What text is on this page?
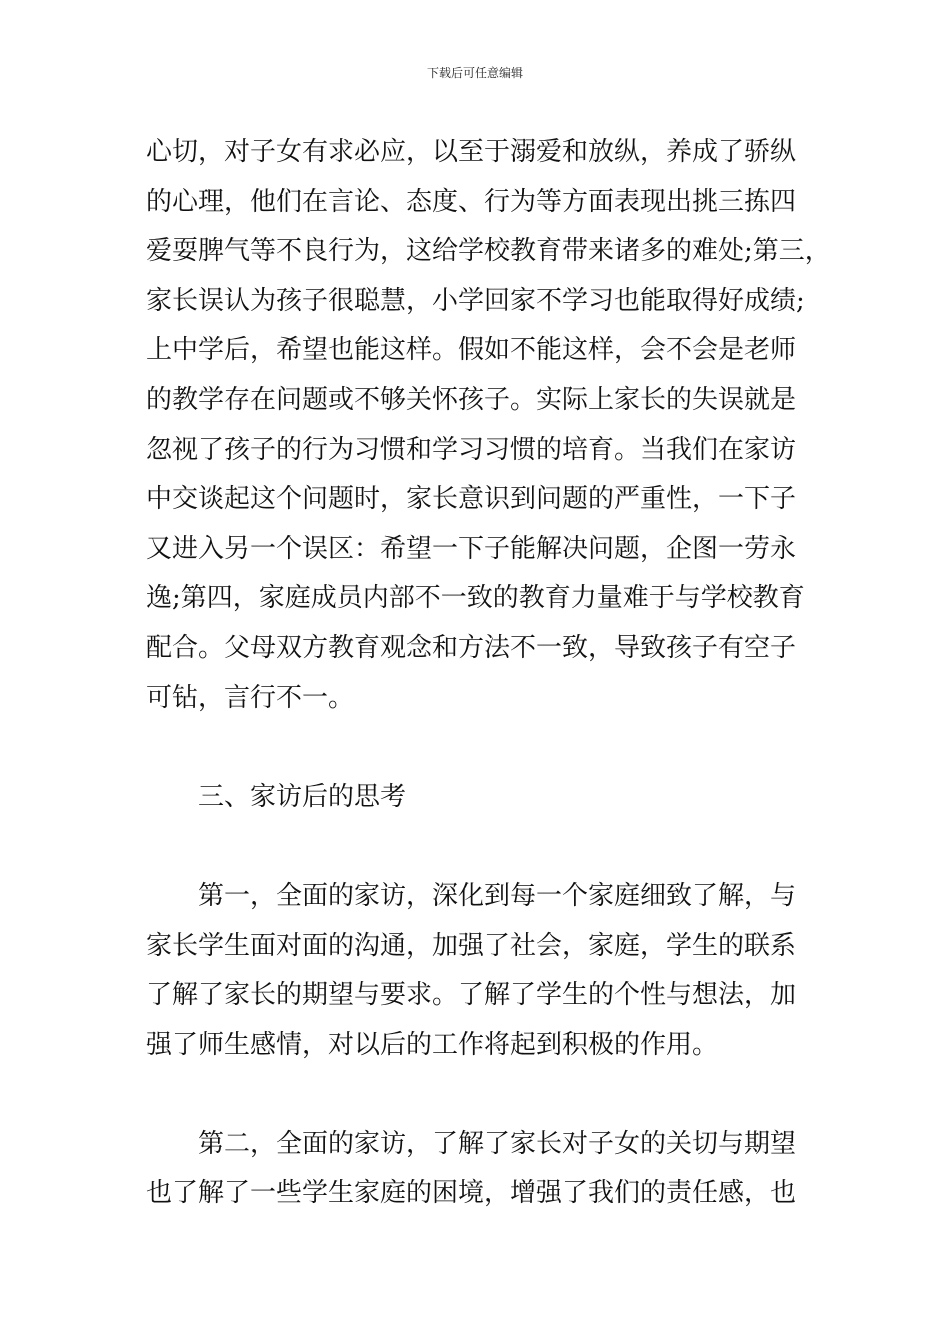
下载后可任意编辑
心切，对子女有求必应，以至于溺爱和放纵，养成了骄纵
的心理，他们在言论、态度、行为等方面表现出挑三拣四
爱耍脾气等不良行为，这给学校教育带来诸多的难处;第三，
家长误认为孩子很聪慧，小学回家不学习也能取得好成绩;
上中学后，希望也能这样。假如不能这样，会不会是老师
的教学存在问题或不够关怀孩子。实际上家长的失误就是
忽视了孩子的行为习惯和学习习惯的培育。当我们在家访
中交谈起这个问题时，家长意识到问题的严重性，一下子
又进入另一个误区：希望一下子能解决问题，企图一劳永
逸;第四，家庭成员内部不一致的教育力量难于与学校教育
配合。父母双方教育观念和方法不一致，导致孩子有空子
可钻，言行不一。
三、家访后的思考
第一，全面的家访，深化到每一个家庭细致了解，与
家长学生面对面的沟通，加强了社会，家庭，学生的联系
了解了家长的期望与要求。了解了学生的个性与想法，加
强了师生感情，对以后的工作将起到积极的作用。
第二，全面的家访，了解了家长对子女的关切与期望
也了解了一些学生家庭的困境，增强了我们的责任感，也
